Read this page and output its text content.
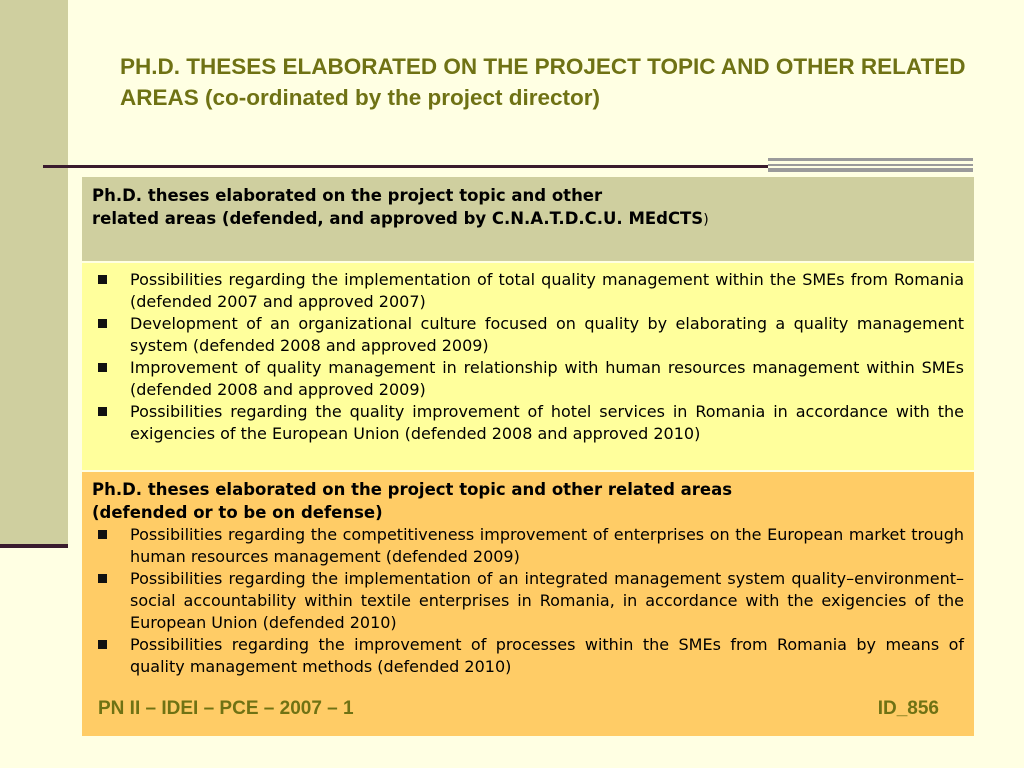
PH.D. THESES ELABORATED ON THE PROJECT TOPIC AND OTHER RELATED AREAS (co-ordinated by the project director)
Ph.D. theses elaborated on the project topic and other
related areas (defended, and approved by C.N.A.T.D.C.U. MEdCTS)
Possibilities regarding the implementation of total quality management within the SMEs from Romania (defended 2007 and approved 2007)
Development of an organizational culture focused on quality by elaborating a quality management system (defended 2008 and approved 2009)
Improvement of quality management in relationship with human resources management within SMEs (defended 2008 and approved 2009)
Possibilities regarding the quality improvement of hotel services in Romania in accordance with the exigencies of the European Union (defended 2008 and approved 2010)
Ph.D. theses elaborated on the project topic and other related areas
(defended or to be on defense)
Possibilities regarding the competitiveness improvement of enterprises on the European market trough human resources management (defended 2009)
Possibilities regarding the implementation of an integrated management system quality–environment– social accountability within textile enterprises in Romania, in accordance with the exigencies of the European Union (defended 2010)
Possibilities regarding the improvement of processes within the SMEs from Romania by means of quality management methods (defended 2010)
PN II – IDEI – PCE – 2007 – 1	ID_856
